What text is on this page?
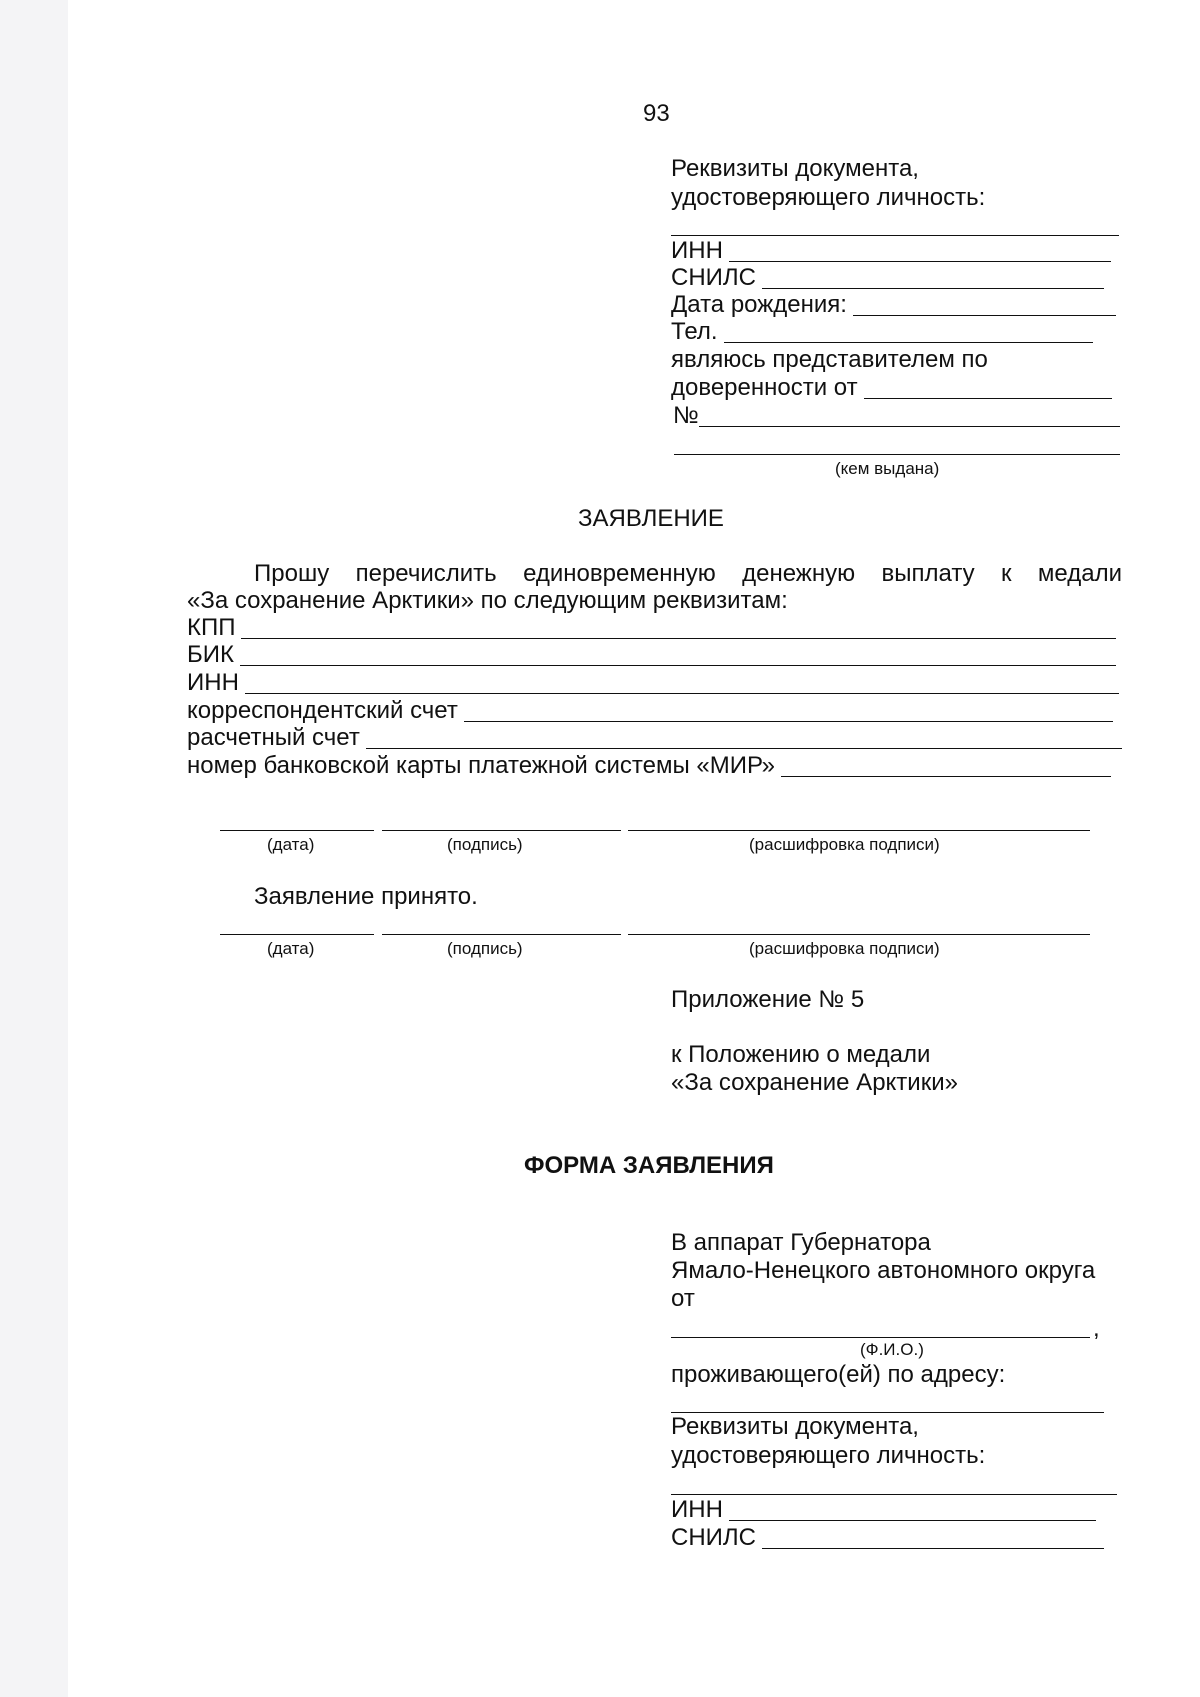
93
Реквизиты документа,
удостоверяющего личность:
ИНН
СНИЛС
Дата рождения:
Тел.
являюсь представителем по
доверенности от
№
(кем выдана)
ЗАЯВЛЕНИЕ
Прошу перечислить единовременную денежную выплату к медали
«За сохранение Арктики» по следующим реквизитам:
КПП
БИК
ИНН
корреспондентский счет
расчетный счет
номер банковской карты платежной системы «МИР»
(дата)	(подпись)	(расшифровка подписи)
Заявление принято.
(дата)	(подпись)	(расшифровка подписи)
Приложение № 5
к Положению о медали
«За сохранение Арктики»
ФОРМА ЗАЯВЛЕНИЯ
В аппарат Губернатора
Ямало-Ненецкого автономного округа
от
,
(Ф.И.О.)
проживающего(ей) по адресу:
Реквизиты документа,
удостоверяющего личность:
ИНН
СНИЛС
